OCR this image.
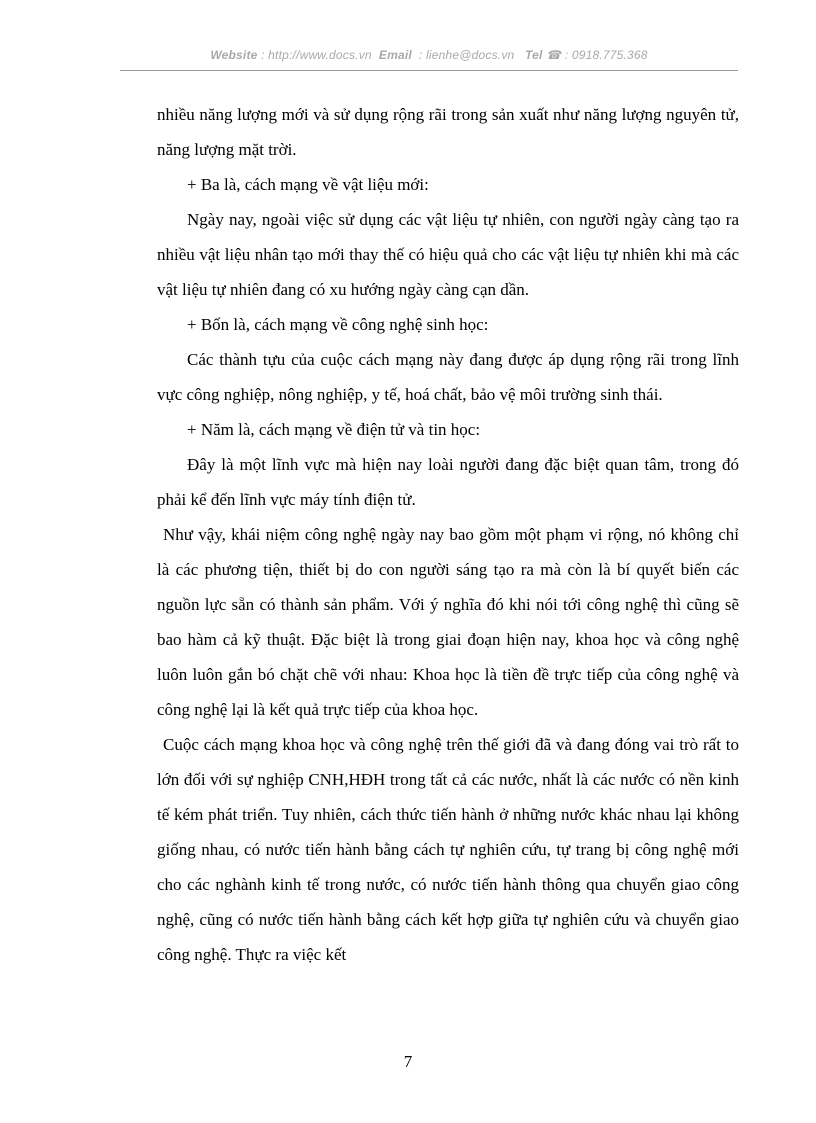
Website : http://www.docs.vn Email : lienhe@docs.vn Tel ☎ : 0918.775.368

nhiều năng lượng mới và sử dụng rộng rãi trong sản xuất như năng lượng nguyên tử, năng lượng mặt trời.

+ Ba là, cách mạng về vật liệu mới:

Ngày nay, ngoài việc sử dụng các vật liệu tự nhiên, con người ngày càng tạo ra nhiều vật liệu nhân tạo mới thay thế có hiệu quả cho các vật liệu tự nhiên khi mà các vật liệu tự nhiên đang có xu hướng ngày càng cạn dần.

+ Bốn là, cách mạng về công nghệ sinh học:

Các thành tựu của cuộc cách mạng này đang được áp dụng rộng rãi trong lĩnh vực công nghiệp, nông nghiệp, y tế, hoá chất, bảo vệ môi trường sinh thái.

+ Năm là, cách mạng về điện tử và tin học:

Đây là một lĩnh vực mà hiện nay loài người đang đặc biệt quan tâm, trong đó phải kể đến lĩnh vực máy tính điện tử.

Như vậy, khái niệm công nghệ ngày nay bao gồm một phạm vi rộng, nó không chỉ là các phương tiện, thiết bị do con người sáng tạo ra mà còn là bí quyết biến các nguồn lực sẵn có thành sản phẩm. Với ý nghĩa đó khi nói tới công nghệ thì cũng sẽ bao hàm cả kỹ thuật. Đặc biệt là trong giai đoạn hiện nay, khoa học và công nghệ luôn luôn gắn bó chặt chẽ với nhau: Khoa học là tiền đề trực tiếp của công nghệ và công nghệ lại là kết quả trực tiếp của khoa học.

Cuộc cách mạng khoa học và công nghệ trên thế giới đã và đang đóng vai trò rất to lớn đối với sự nghiệp CNH,HĐH trong tất cả các nước, nhất là các nước có nền kinh tế kém phát triển. Tuy nhiên, cách thức tiến hành ở những nước khác nhau lại không giống nhau, có nước tiến hành bằng cách tự nghiên cứu, tự trang bị công nghệ mới cho các nghành kinh tế trong nước, có nước tiến hành thông qua chuyển giao công nghệ, cũng có nước tiến hành bằng cách kết hợp giữa tự nghiên cứu và chuyển giao công nghệ. Thực ra việc kết

7
